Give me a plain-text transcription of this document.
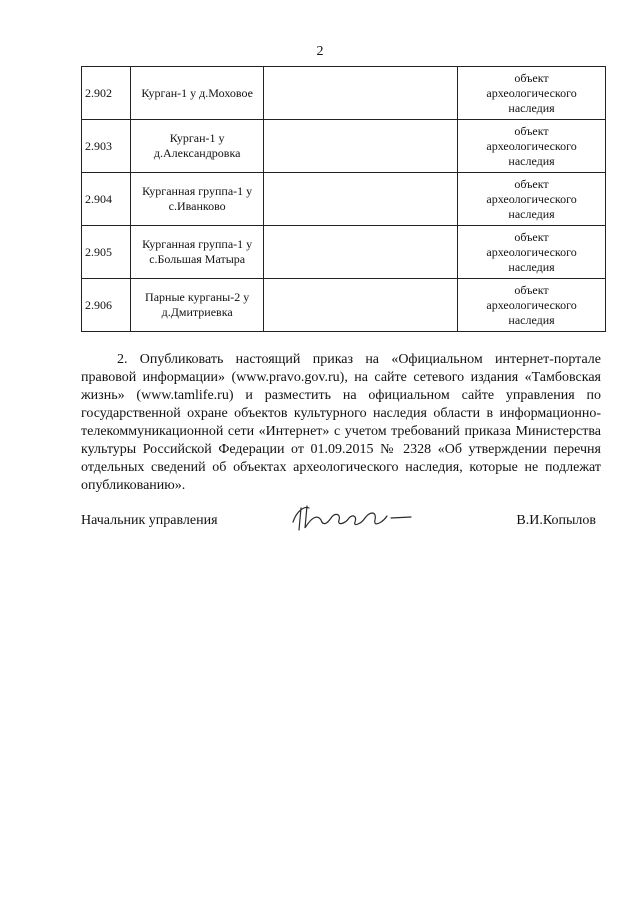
2
2.902	Курган-1 у д.Моховое		объект археологического наследия

2.903	Курган-1 у д.Александровка		объект археологического наследия

2.904	Курганная группа-1 у с.Иванково		объект археологического наследия

2.905	Курганная группа-1 у с.Большая Матыра		объект археологического наследия

2.906	Парные курганы-2 у д.Дмитриевка		объект археологического наследия

2. Опубликовать настоящий приказ на «Официальном интернет-портале правовой информации» (www.pravo.gov.ru), на сайте сетевого издания «Тамбовская жизнь» (www.tamlife.ru) и разместить на официальном сайте управления по государственной охране объектов культурного наследия области в информационно-телекоммуникационной сети «Интернет» с учетом требований приказа Министерства культуры Российской Федерации от 01.09.2015 № 2328 «Об утверждении перечня отдельных сведений об объектах археологического наследия, которые не подлежат опубликованию».

Начальник управления	В.И.Копылов
